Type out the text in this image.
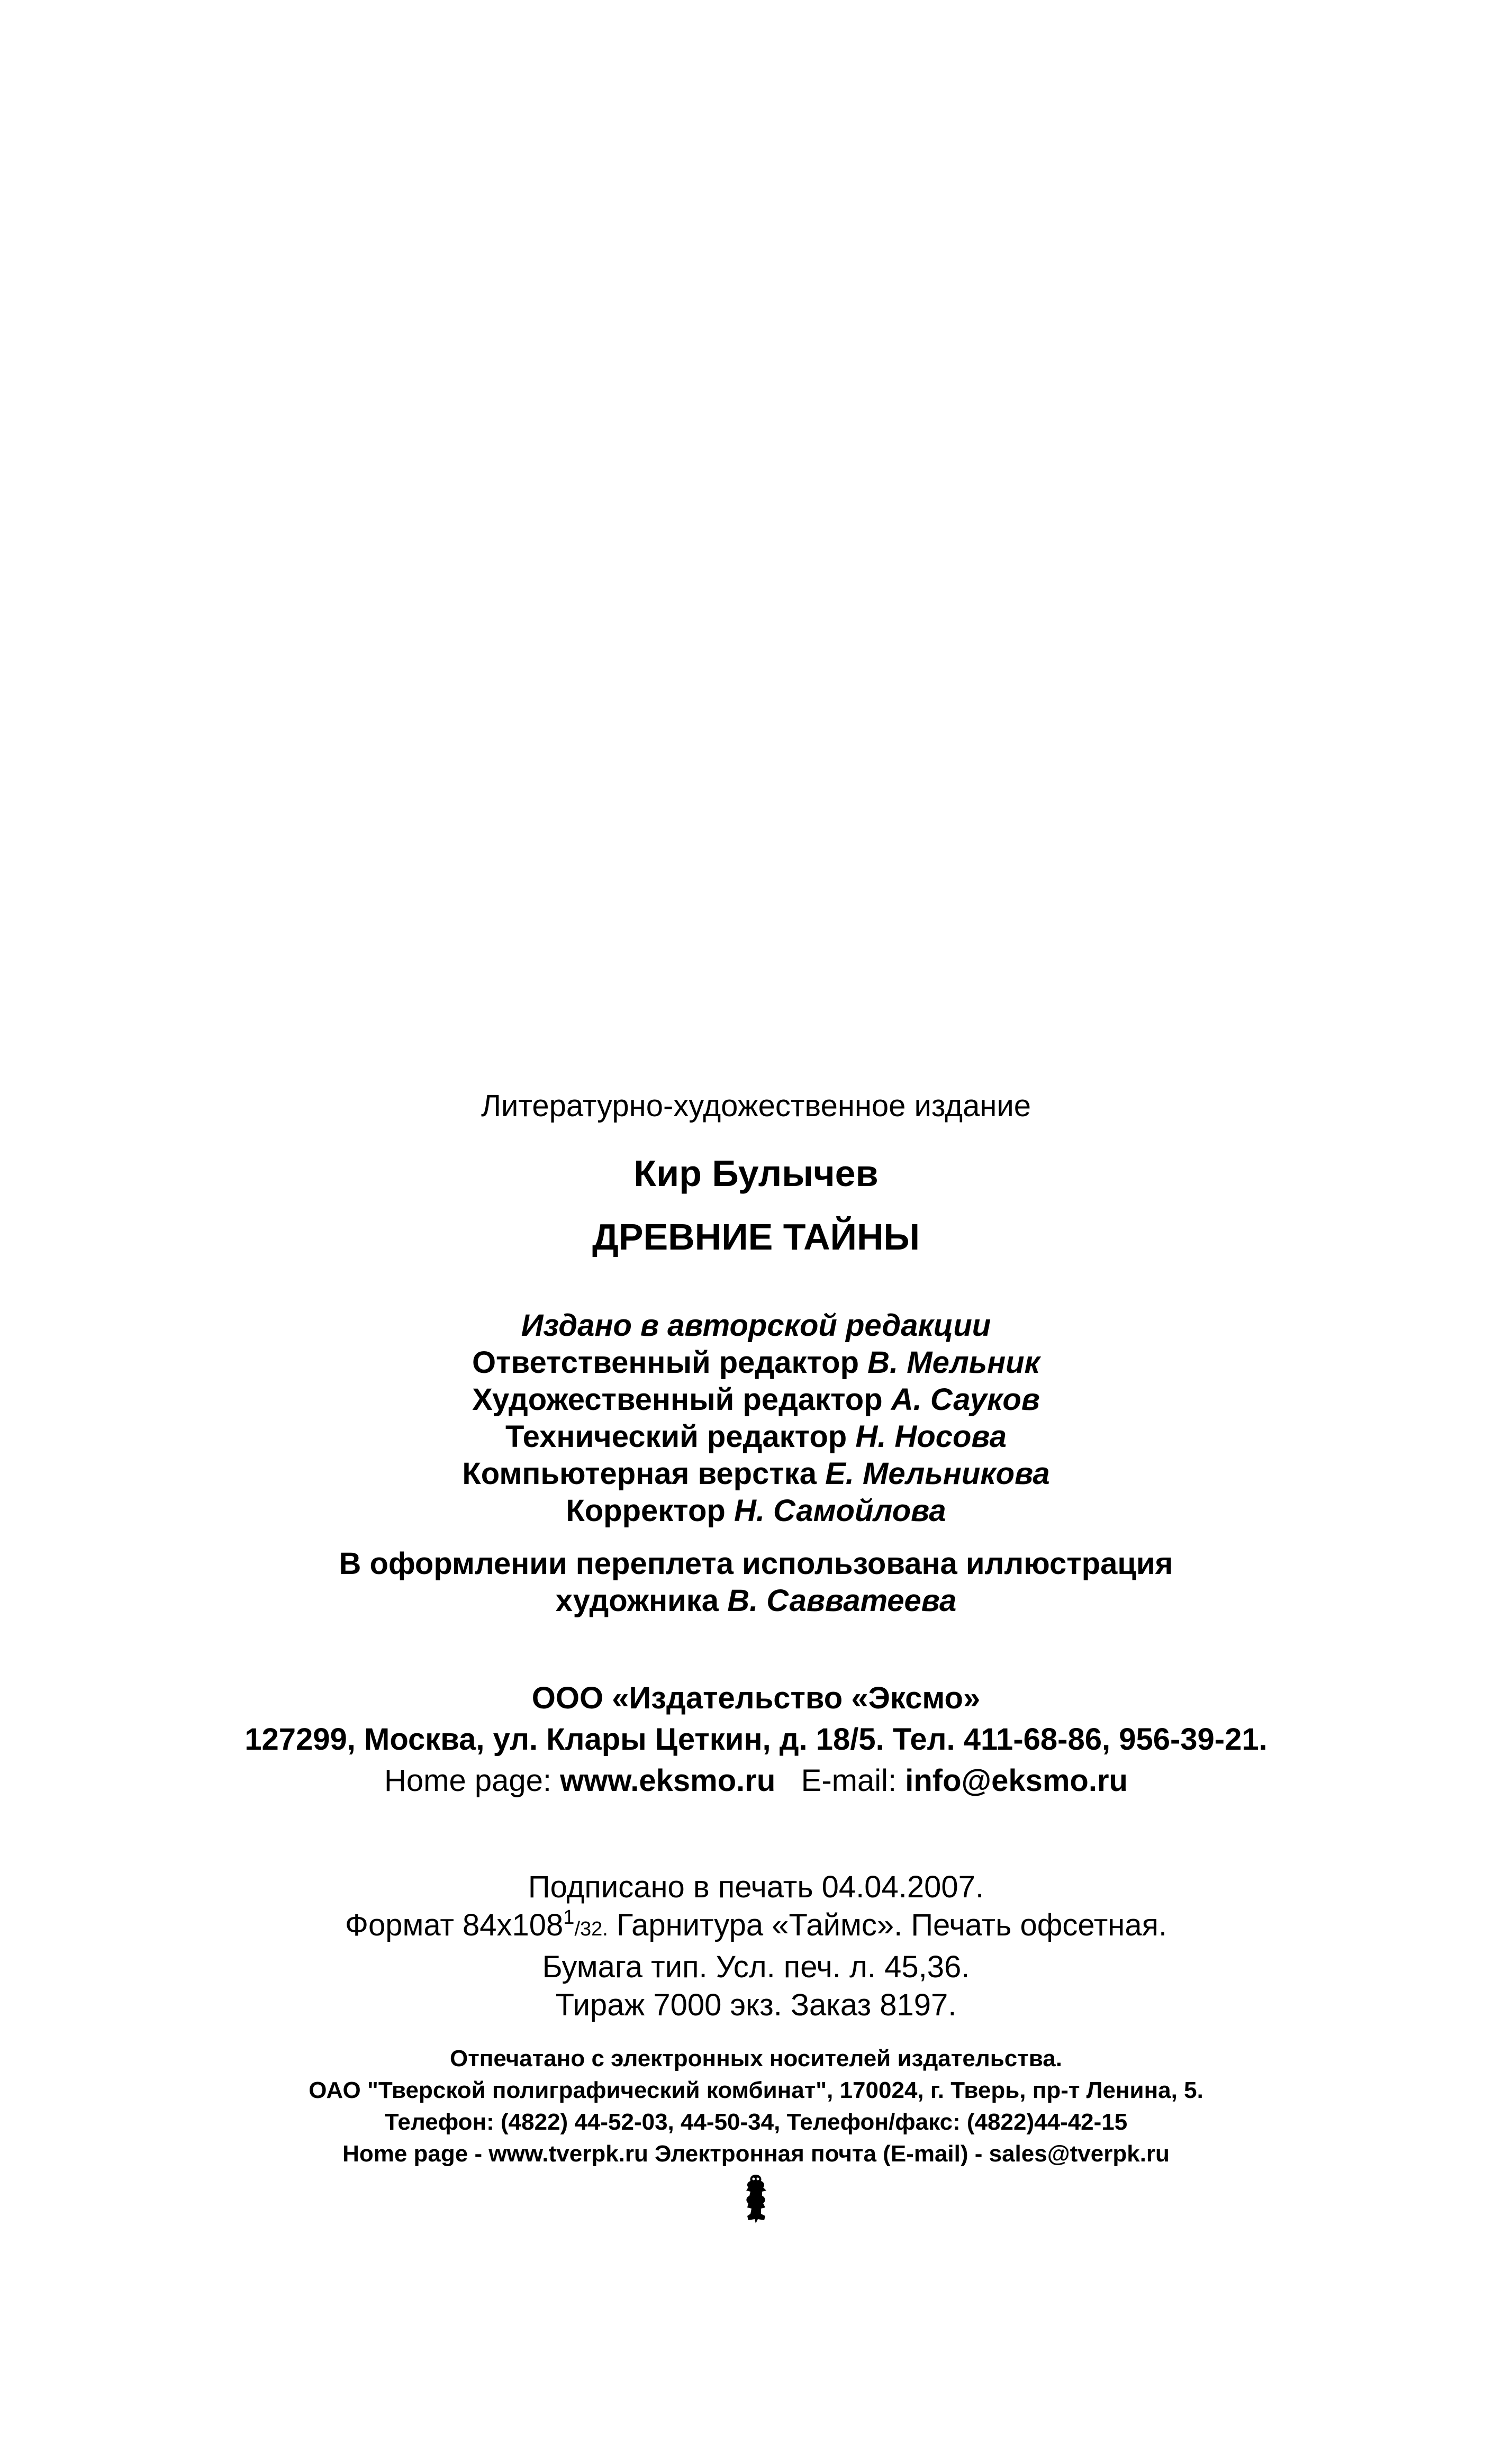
Литературно-художественное издание
Кир Булычев
ДРЕВНИЕ ТАЙНЫ
Издано в авторской редакции
Ответственный редактор В. Мельник
Художественный редактор А. Сауков
Технический редактор Н. Носова
Компьютерная верстка Е. Мельникова
Корректор Н. Самойлова
В оформлении переплета использована иллюстрация
художника В. Савватеева
ООО «Издательство «Эксмо»
127299, Москва, ул. Клары Цеткин, д. 18/5. Тел. 411-68-86, 956-39-21.
Home page: www.eksmo.ru E-mail: info@eksmo.ru
Подписано в печать 04.04.2007.
Формат $84x108^1/32$. Гарнитура «Таймс». Печать офсетная.
Бумага тип. Усл. печ. л. 45,36.
Тираж 7000 экз. Заказ 8197.
Отпечатано с электронных носителей издательства.
ОАО "Тверской полиграфический комбинат", 170024, г. Тверь, пр-т Ленина, 5.
Телефон: (4822) 44-52-03, 44-50-34, Телефон/факс: (4822)44-42-15
Home page - www.tverpk.ru Электронная почта (E-mail) - sales@tverpk.ru
